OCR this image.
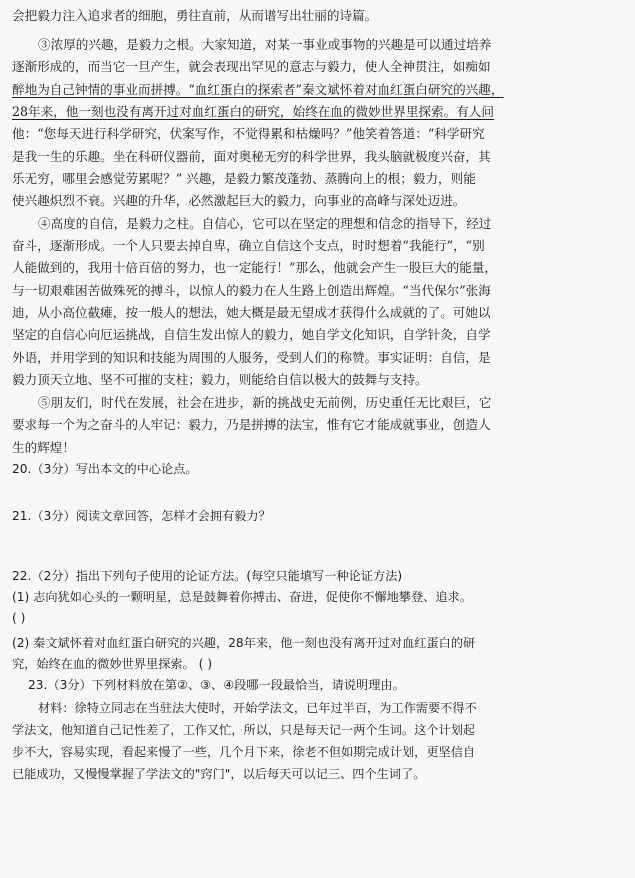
会把毅力注入追求者的细胞，勇往直前，从而谱写出壮丽的诗篇。
③浓厚的兴趣，是毅力之根。大家知道，对某一事业或事物的兴趣是可以通过培养
逐渐形成的，而当它一旦产生，就会表现出罕见的意志与毅力，使人全神贯注，如痴如
醉地为自己钟情的事业而拼搏。“血红蛋白的探索者”秦文斌怀着对血红蛋白研究的兴趣，
28年来，他一刻也没有离开过对血红蛋白的研究，始终在血的微妙世界里探索。有人问
他：“您每天进行科学研究，伏案写作，不觉得累和枯燥吗？”他笑着答道：“科学研究
是我一生的乐趣。坐在科研仪器前，面对奥秘无穷的科学世界，我头脑就极度兴奋，其
乐无穷，哪里会感觉劳累呢？” 兴趣，是毅力繁茂蓬勃、蒸腾向上的根；毅力，则能
使兴趣炽烈不衰。兴趣的升华，必然激起巨大的毅力，向事业的高峰与深处迈进。
④高度的自信，是毅力之柱。自信心，它可以在坚定的理想和信念的指导下，经过
奋斗，逐渐形成。一个人只要去掉自卑，确立自信这个支点，时时想着“我能行”，“别
人能做到的，我用十倍百倍的努力，也一定能行！”那么，他就会产生一股巨大的能量，
与一切艰难困苦做殊死的搏斗，以惊人的毅力在人生路上创造出辉煌。“当代保尔”张海
迪，从小高位截瘫，按一般人的想法，她大概是最无望成才获得什么成就的了。可她以
坚定的自信心向厄运挑战，自信生发出惊人的毅力，她自学文化知识，自学针灸，自学
外语，并用学到的知识和技能为周围的人服务，受到人们的称赞。事实证明：自信，是
毅力顶天立地、坚不可摧的支柱；毅力，则能给自信以极大的鼓舞与支持。
⑤朋友们，时代在发展，社会在进步，新的挑战史无前例，历史重任无比艰巨，它
要求每一个为之奋斗的人牢记：毅力，乃是拼搏的法宝，惟有它才能成就事业，创造人
生的辉煌！
20.（3分）写出本文的中心论点。
21.（3分）阅读文章回答，怎样才会拥有毅力？
22.（2分）指出下列句子使用的论证方法。(每空只能填写一种论证方法)
(1) 志向犹如心头的一颗明星，总是鼓舞着你搏击、奋进，促使你不懈地攀登、追求。
( )
(2) 秦文斌怀着对血红蛋白研究的兴趣，28年来，他一刻也没有离开过对血红蛋白的研
究，始终在血的微妙世界里探索。 ( )
23.（3分）下列材料放在第②、③、④段哪一段最恰当，请说明理由。
材料：徐特立同志在当驻法大使时，开始学法文，已年过半百，为工作需要不得不
学法文，他知道自己记性差了，工作又忙，所以，只是每天记一两个生词。这个计划起
步不大，容易实现，看起来慢了一些，几个月下来，徐老不但如期完成计划，更坚信自
已能成功，又慢慢掌握了学法文的"窍门"，以后每天可以记三、四个生词了。
